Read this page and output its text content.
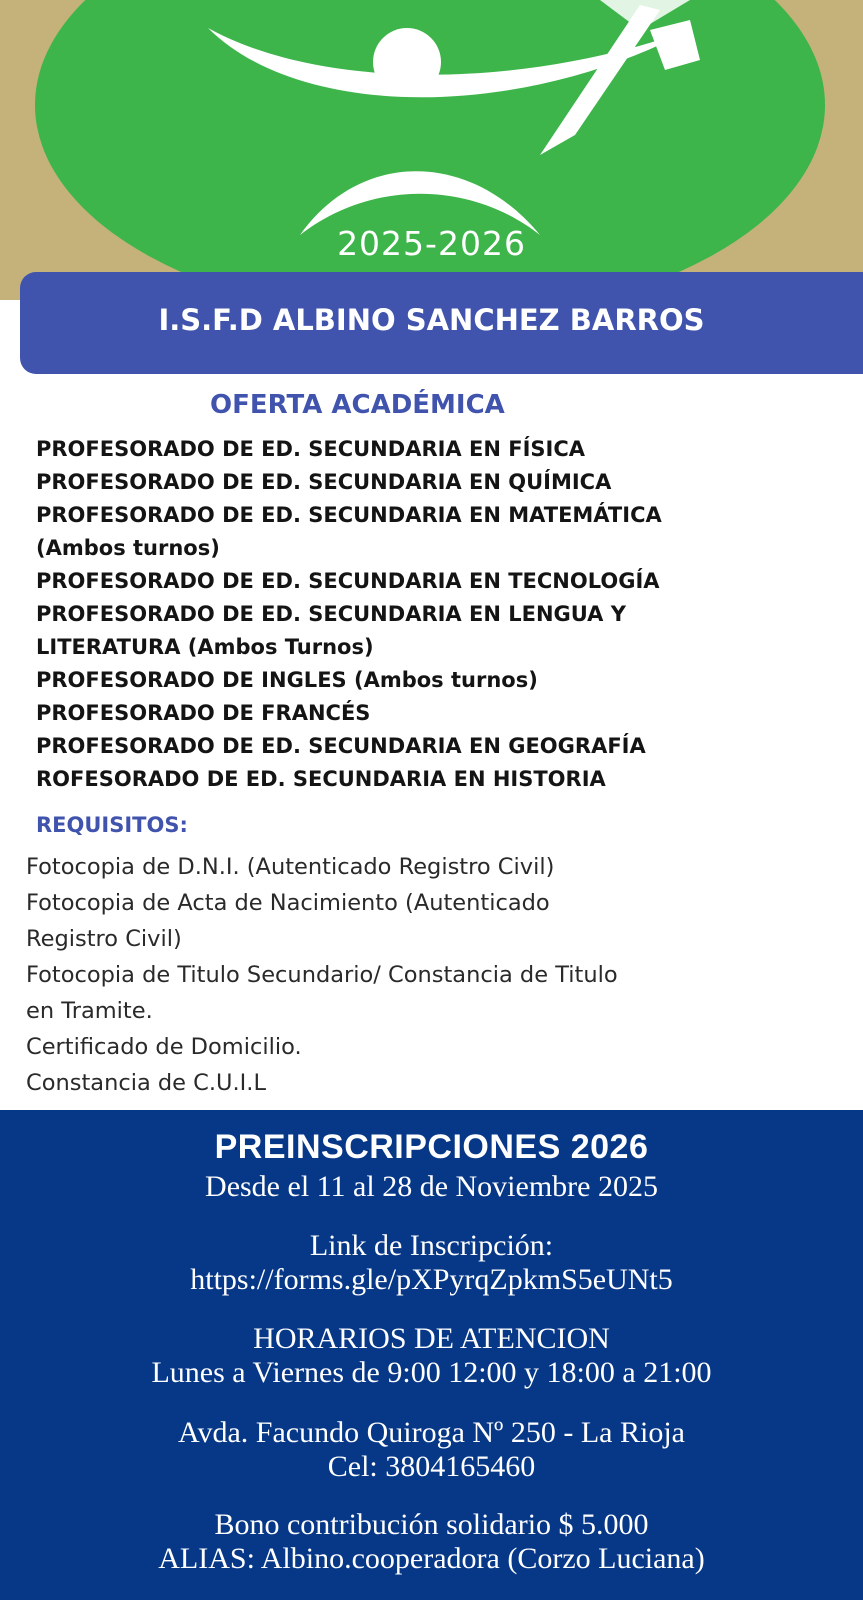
2025-2026
I.S.F.D ALBINO SANCHEZ BARROS
OFERTA ACADÉMICA
PROFESORADO DE ED. SECUNDARIA EN FÍSICA
PROFESORADO DE ED. SECUNDARIA EN QUÍMICA
PROFESORADO DE ED. SECUNDARIA EN MATEMÁTICA
(Ambos turnos)
PROFESORADO DE ED. SECUNDARIA EN TECNOLOGÍA
PROFESORADO DE ED. SECUNDARIA EN LENGUA Y
LITERATURA (Ambos Turnos)
PROFESORADO DE INGLES (Ambos turnos)
PROFESORADO DE FRANCÉS
PROFESORADO DE ED. SECUNDARIA EN GEOGRAFÍA
ROFESORADO DE ED. SECUNDARIA EN HISTORIA
REQUISITOS:
Fotocopia de D.N.I. (Autenticado Registro Civil)
Fotocopia de Acta de Nacimiento (Autenticado
Registro Civil)
Fotocopia de Titulo Secundario/ Constancia de Titulo
en Tramite.
Certificado de Domicilio.
Constancia de C.U.I.L
PREINSCRIPCIONES 2026
Desde el 11 al 28 de Noviembre 2025
Link de Inscripción:
https://forms.gle/pXPyrqZpkmS5eUNt5
HORARIOS DE ATENCION
Lunes a Viernes de 9:00 12:00 y 18:00 a 21:00
Avda. Facundo Quiroga Nº 250 - La Rioja
Cel: 3804165460
Bono contribución solidario $ 5.000
ALIAS: Albino.cooperadora (Corzo Luciana)
